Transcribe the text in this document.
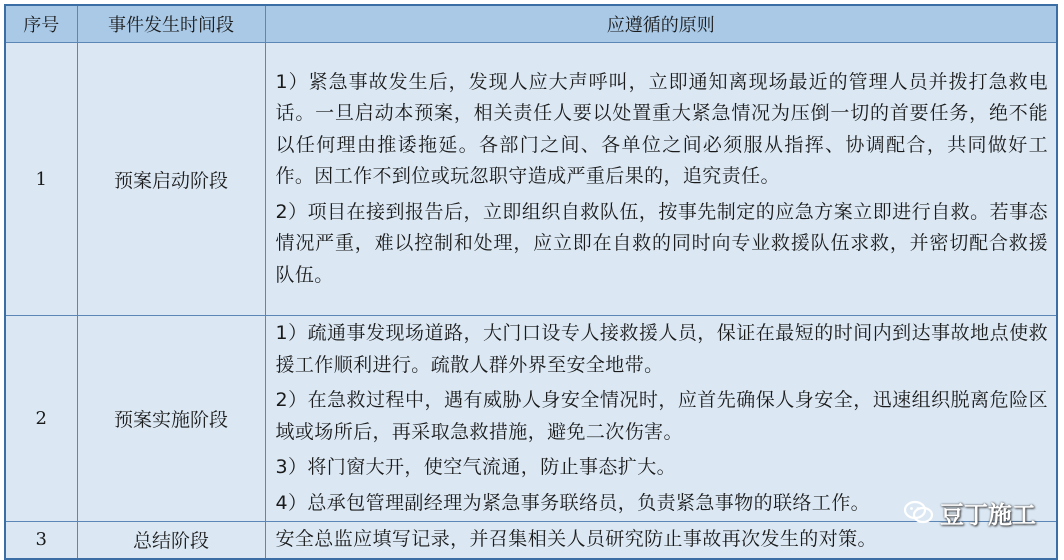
序号	事件发生时间段	应遵循的原则
1	预案启动阶段	1）紧急事故发生后，发现人应大声呼叫，立即通知离现场最近的管理人员并拨打急救电话。一旦启动本预案，相关责任人要以处置重大紧急情况为压倒一切的首要任务，绝不能以任何理由推诿拖延。各部门之间、各单位之间必须服从指挥、协调配合，共同做好工作。因工作不到位或玩忽职守造成严重后果的，追究责任。

2）项目在接到报告后，立即组织自救队伍，按事先制定的应急方案立即进行自救。若事态情况严重，难以控制和处理，应立即在自救的同时向专业救援队伍求救，并密切配合救援队伍。

2	预案实施阶段	1）疏通事发现场道路，大门口设专人接救援人员，保证在最短的时间内到达事故地点使救援工作顺利进行。疏散人群外界至安全地带。

2）在急救过程中，遇有威胁人身安全情况时，应首先确保人身安全，迅速组织脱离危险区域或场所后，再采取急救措施，避免二次伤害。

3）将门窗大开，使空气流通，防止事态扩大。

4）总承包管理副经理为紧急事务联络员，负责紧急事物的联络工作。

3	总结阶段	安全总监应填写记录，并召集相关人员研究防止事故再次发生的对策。

豆丁施工
